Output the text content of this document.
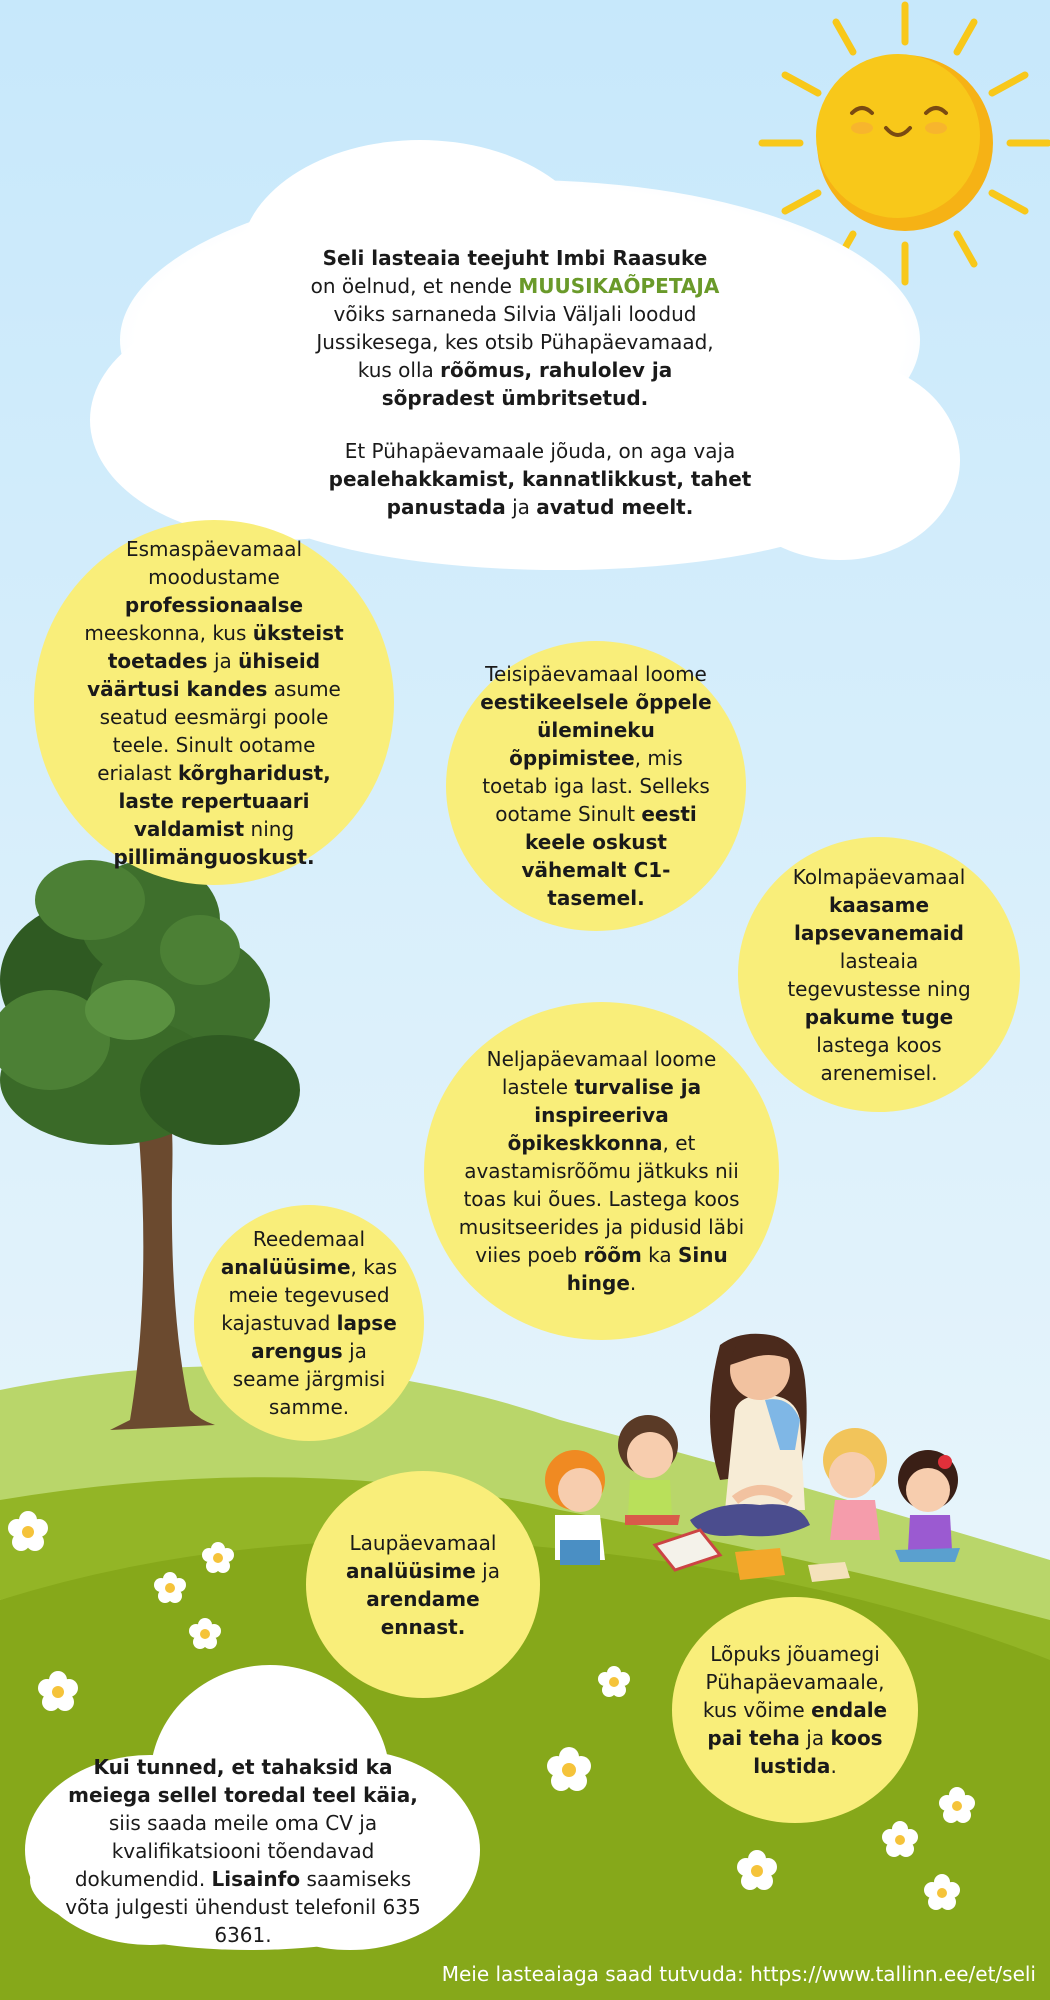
Seli lasteaia teejuht Imbi Raasuke on öelnud, et nende MUUSIKAÕPETAJA võiks sarnaneda Silvia Väljali loodud Jussikesega, kes otsib Pühapäevamaad, kus olla rõõmus, rahulolev ja sõpradest ümbritsetud.
Et Pühapäevamaale jõuda, on aga vaja pealehakkamist, kannatlikkust, tahet panustada ja avatud meelt.
Esmaspäevamaal moodustame professionaalse meeskonna, kus üksteist toetades ja ühiseid väärtusi kandes asume seatud eesmärgi poole teele. Sinult ootame erialast kõrgharidust, laste repertuaari valdamist ning pillimänguoskust.
Teisipäevamaal loome eestikeelsele õppele ülemineku õppimistee, mis toetab iga last. Selleks ootame Sinult eesti keele oskust vähemalt C1-tasemel.
Kolmapäevamaal kaasame lapsevanemaid lasteaia tegevustesse ning pakume tuge lastega koos arenemisel.
Neljapäevamaal loome lastele turvalise ja inspireeriva õpikeskkonna, et avastamisrõõmu jätkuks nii toas kui õues. Lastega koos musitseerides ja pidusid läbi viies poeb rõõm ka Sinu hinge.
Reedemaal analüüsime, kas meie tegevused kajastuvad lapse arengus ja seame järgmisi samme.
Laupäevamaal analüüsime ja arendame ennast.
Lõpuks jõuamegi Pühapäevamaale, kus võime endale pai teha ja koos lustida.
Kui tunned, et tahaksid ka meiega sellel toredal teel käia, siis saada meile oma CV ja kvalifikatsiooni tõendavad dokumendid. Lisainfo saamiseks võta julgesti ühendust telefonil 635 6361.
Meie lasteaiaga saad tutvuda: https://www.tallinn.ee/et/seli
